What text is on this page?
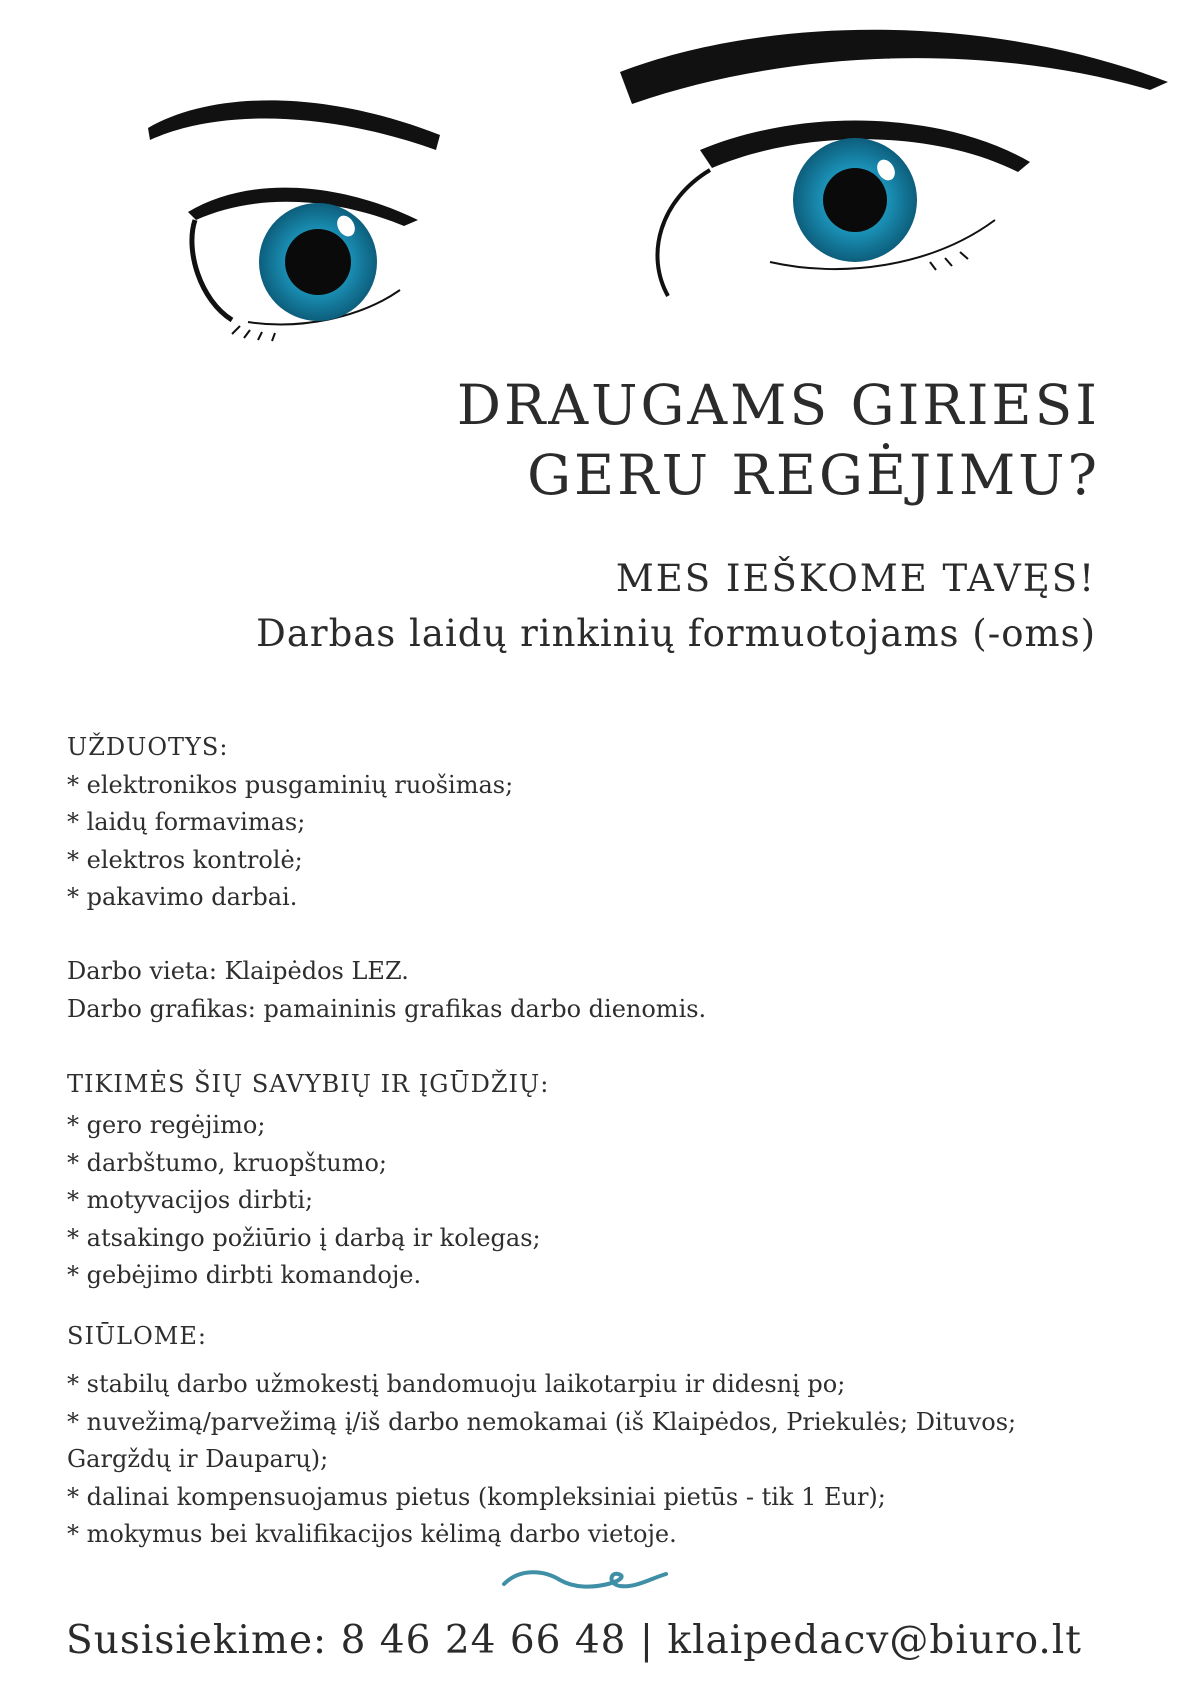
DRAUGAMS GIRIESI
GERU REGĖJIMU?
MES IEŠKOME TAVĘS!
Darbas laidų rinkinių formuotojams (-oms)

UŽDUOTYS:

* elektronikos pusgaminių ruošimas;

* laidų formavimas;

* elektros kontrolė;

* pakavimo darbai.

Darbo vieta: Klaipėdos LEZ.

Darbo grafikas: pamaininis grafikas darbo dienomis.

TIKIMĖS ŠIŲ SAVYBIŲ IR ĮGŪDŽIŲ:

* gero regėjimo;

* darbštumo, kruopštumo;

* motyvacijos dirbti;

* atsakingo požiūrio į darbą ir kolegas;

* gebėjimo dirbti komandoje.

SIŪLOME:

* stabilų darbo užmokestį bandomuoju laikotarpiu ir didesnį po;

* nuvežimą/parvežimą į/iš darbo nemokamai (iš Klaipėdos, Priekulės; Dituvos;

Gargždų ir Dauparų);

* dalinai kompensuojamus pietus (kompleksiniai pietūs - tik 1 Eur);

* mokymus bei kvalifikacijos kėlimą darbo vietoje.

Susisiekime: 8 46 24 66 48 | klaipedacv@biuro.lt
